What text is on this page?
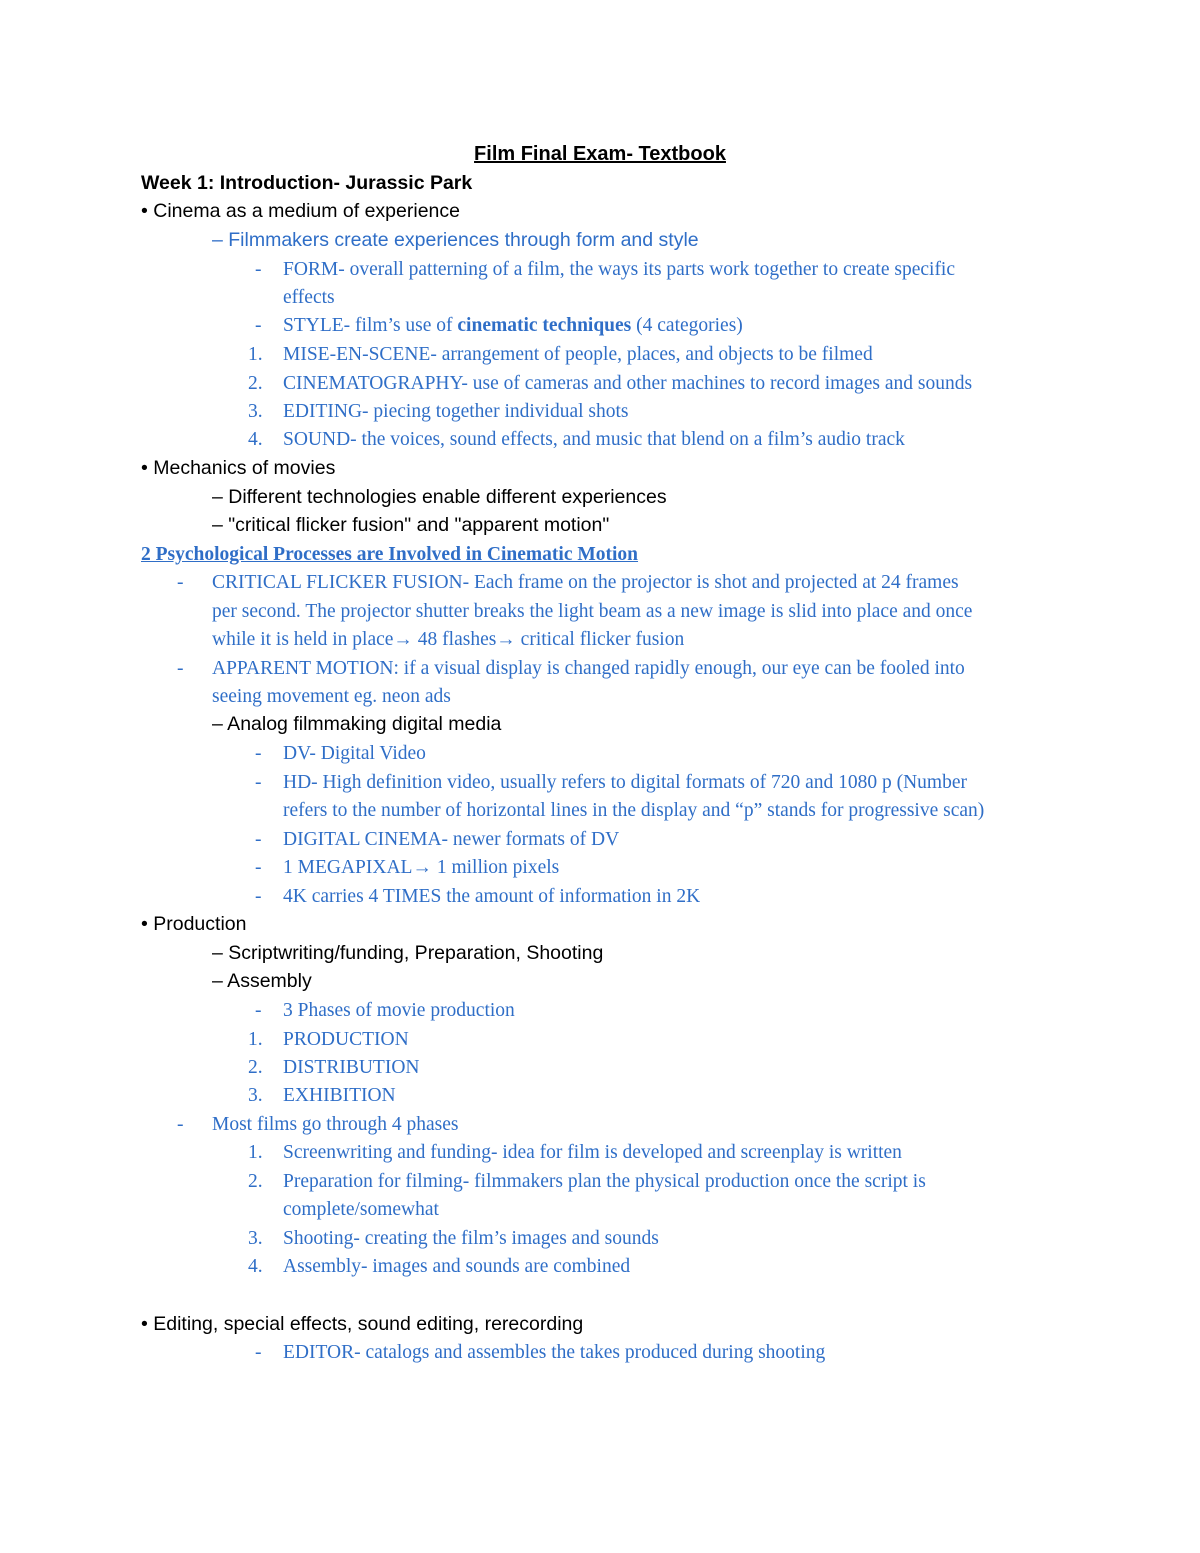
Film Final Exam- Textbook
Week 1: Introduction- Jurassic Park
• Cinema as a medium of experience
– Filmmakers create experiences through form and style
- FORM- overall patterning of a film, the ways its parts work together to create specific
effects
- STYLE- film’s use of cinematic techniques (4 categories)
1. MISE-EN-SCENE- arrangement of people, places, and objects to be filmed
2. CINEMATOGRAPHY- use of cameras and other machines to record images and sounds
3. EDITING- piecing together individual shots
4. SOUND- the voices, sound effects, and music that blend on a film’s audio track
• Mechanics of movies
– Different technologies enable different experiences
– "critical flicker fusion" and "apparent motion"
2 Psychological Processes are Involved in Cinematic Motion
- CRITICAL FLICKER FUSION- Each frame on the projector is shot and projected at 24 frames
per second. The projector shutter breaks the light beam as a new image is slid into place and once
while it is held in place→ 48 flashes→ critical flicker fusion
- APPARENT MOTION: if a visual display is changed rapidly enough, our eye can be fooled into
seeing movement eg. neon ads
– Analog filmmaking digital media
- DV- Digital Video
- HD- High definition video, usually refers to digital formats of 720 and 1080 p (Number
refers to the number of horizontal lines in the display and “p” stands for progressive scan)
- DIGITAL CINEMA- newer formats of DV
- 1 MEGAPIXAL→ 1 million pixels
- 4K carries 4 TIMES the amount of information in 2K
• Production
– Scriptwriting/funding, Preparation, Shooting
– Assembly
- 3 Phases of movie production
1. PRODUCTION
2. DISTRIBUTION
3. EXHIBITION
- Most films go through 4 phases
1. Screenwriting and funding- idea for film is developed and screenplay is written
2. Preparation for filming- filmmakers plan the physical production once the script is
complete/somewhat
3. Shooting- creating the film’s images and sounds
4. Assembly- images and sounds are combined
• Editing, special effects, sound editing, rerecording
- EDITOR- catalogs and assembles the takes produced during shooting
